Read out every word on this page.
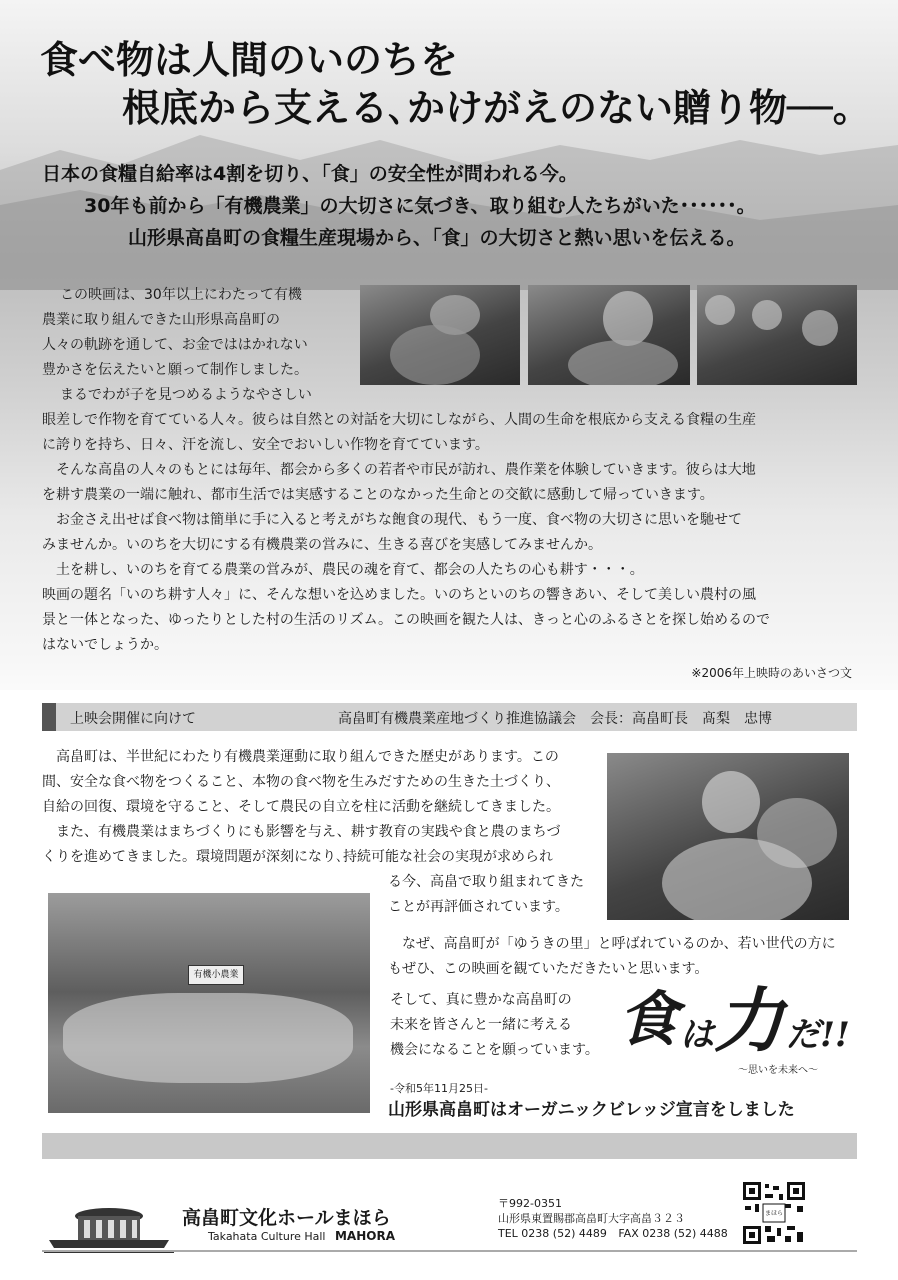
食べ物は人間のいのちを
根底から支える､かけがえのない贈り物──。
日本の食糧自給率は4割を切り、「食」の安全性が問われる今。
30年も前から「有機農業」の大切さに気づき、取り組む人たちがいた･･････。
山形県高畠町の食糧生産現場から、「食」の大切さと熱い思いを伝える。

この映画は、30年以上にわたって有機

農業に取り組んできた山形県高畠町の

人々の軌跡を通して、お金でははかれない

豊かさを伝えたいと願って制作しました。

まるでわが子を見つめるようなやさしい

眼差しで作物を育てている人々。彼らは自然との対話を大切にしながら、人間の生命を根底から支える食糧の生産

に誇りを持ち、日々、汗を流し、安全でおいしい作物を育てています。

　そんな高畠の人々のもとには毎年、都会から多くの若者や市民が訪れ、農作業を体験していきます。彼らは大地

を耕す農業の一端に触れ、都市生活では実感することのなかった生命との交歓に感動して帰っていきます。

　お金さえ出せば食べ物は簡単に手に入ると考えがちな飽食の現代、もう一度、食べ物の大切さに思いを馳せて

みませんか。いのちを大切にする有機農業の営みに、生きる喜びを実感してみませんか。

　土を耕し、いのちを育てる農業の営みが、農民の魂を育て、都会の人たちの心も耕す・・・。

映画の題名「いのち耕す人々」に、そんな想いを込めました。いのちといのちの響きあい、そして美しい農村の風

景と一体となった、ゆったりとした村の生活のリズム。この映画を観た人は、きっと心のふるさとを探し始めるので

はないでしょうか。

※2006年上映時のあいさつ文
上映会開催に向けて	高畠町有機農業産地づくり推進協議会　会長：高畠町長　髙梨　忠博

　高畠町は、半世紀にわたり有機農業運動に取り組んできた歴史があります。この

間、安全な食べ物をつくること、本物の食べ物を生みだすための生きた土づくり、

自給の回復、環境を守ること、そして農民の自立を柱に活動を継続してきました。

　また、有機農業はまちづくりにも影響を与え、耕す教育の実践や食と農のまちづ

くりを進めてきました。環境問題が深刻になり､持続可能な社会の実現が求められ

る今、高畠で取り組まれてきた

ことが再評価されています。

　なぜ、高畠町が「ゆうきの里」と呼ばれているのか、若い世代の方に

もぜひ、この映画を観ていただきたいと思います。

そして、真に豊かな高畠町の

未来を皆さんと一緒に考える

機会になることを願っています。

有機小農業
食 は 力 だ!!
〜思いを未来へ〜
-令和5年11月25日-
山形県高畠町はオーガニックビレッジ宣言をしました
高畠町文化ホールまほら
Takahata Culture Hall MAHORA
〒992-0351
山形県東置賜郡高畠町大字高畠３２３
TEL 0238 (52) 4489 FAX 0238 (52) 4488
まほら
